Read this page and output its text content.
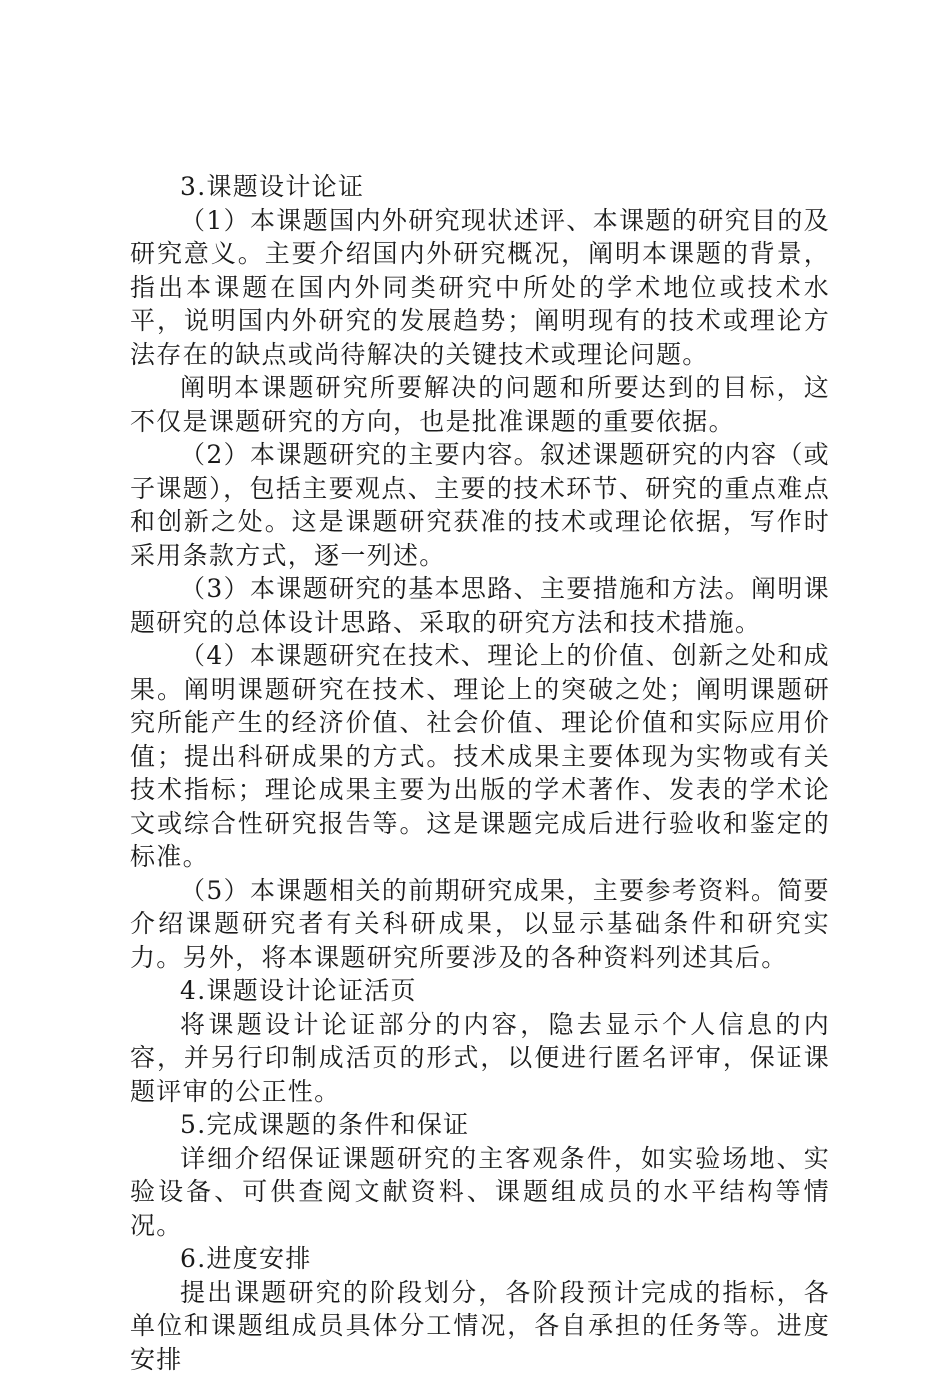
3.课题设计论证

（1）本课题国内外研究现状述评、本课题的研究目的及研究意义。主要介绍国内外研究概况，阐明本课题的背景，指出本课题在国内外同类研究中所处的学术地位或技术水平，说明国内外研究的发展趋势；阐明现有的技术或理论方法存在的缺点或尚待解决的关键技术或理论问题。

阐明本课题研究所要解决的问题和所要达到的目标，这不仅是课题研究的方向，也是批准课题的重要依据。

（2）本课题研究的主要内容。叙述课题研究的内容（或子课题），包括主要观点、主要的技术环节、研究的重点难点和创新之处。这是课题研究获准的技术或理论依据，写作时采用条款方式，逐一列述。

（3）本课题研究的基本思路、主要措施和方法。阐明课题研究的总体设计思路、采取的研究方法和技术措施。

（4）本课题研究在技术、理论上的价值、创新之处和成果。阐明课题研究在技术、理论上的突破之处；阐明课题研究所能产生的经济价值、社会价值、理论价值和实际应用价值；提出科研成果的方式。技术成果主要体现为实物或有关技术指标；理论成果主要为出版的学术著作、发表的学术论文或综合性研究报告等。这是课题完成后进行验收和鉴定的标准。

（5）本课题相关的前期研究成果，主要参考资料。简要介绍课题研究者有关科研成果，以显示基础条件和研究实力。另外，将本课题研究所要涉及的各种资料列述其后。

4.课题设计论证活页

将课题设计论证部分的内容，隐去显示个人信息的内容，并另行印制成活页的形式，以便进行匿名评审，保证课题评审的公正性。

5.完成课题的条件和保证

详细介绍保证课题研究的主客观条件，如实验场地、实验设备、可供查阅文献资料、课题组成员的水平结构等情况。

6.进度安排

提出课题研究的阶段划分，各阶段预计完成的指标，各单位和课题组成员具体分工情况，各自承担的任务等。进度安排
